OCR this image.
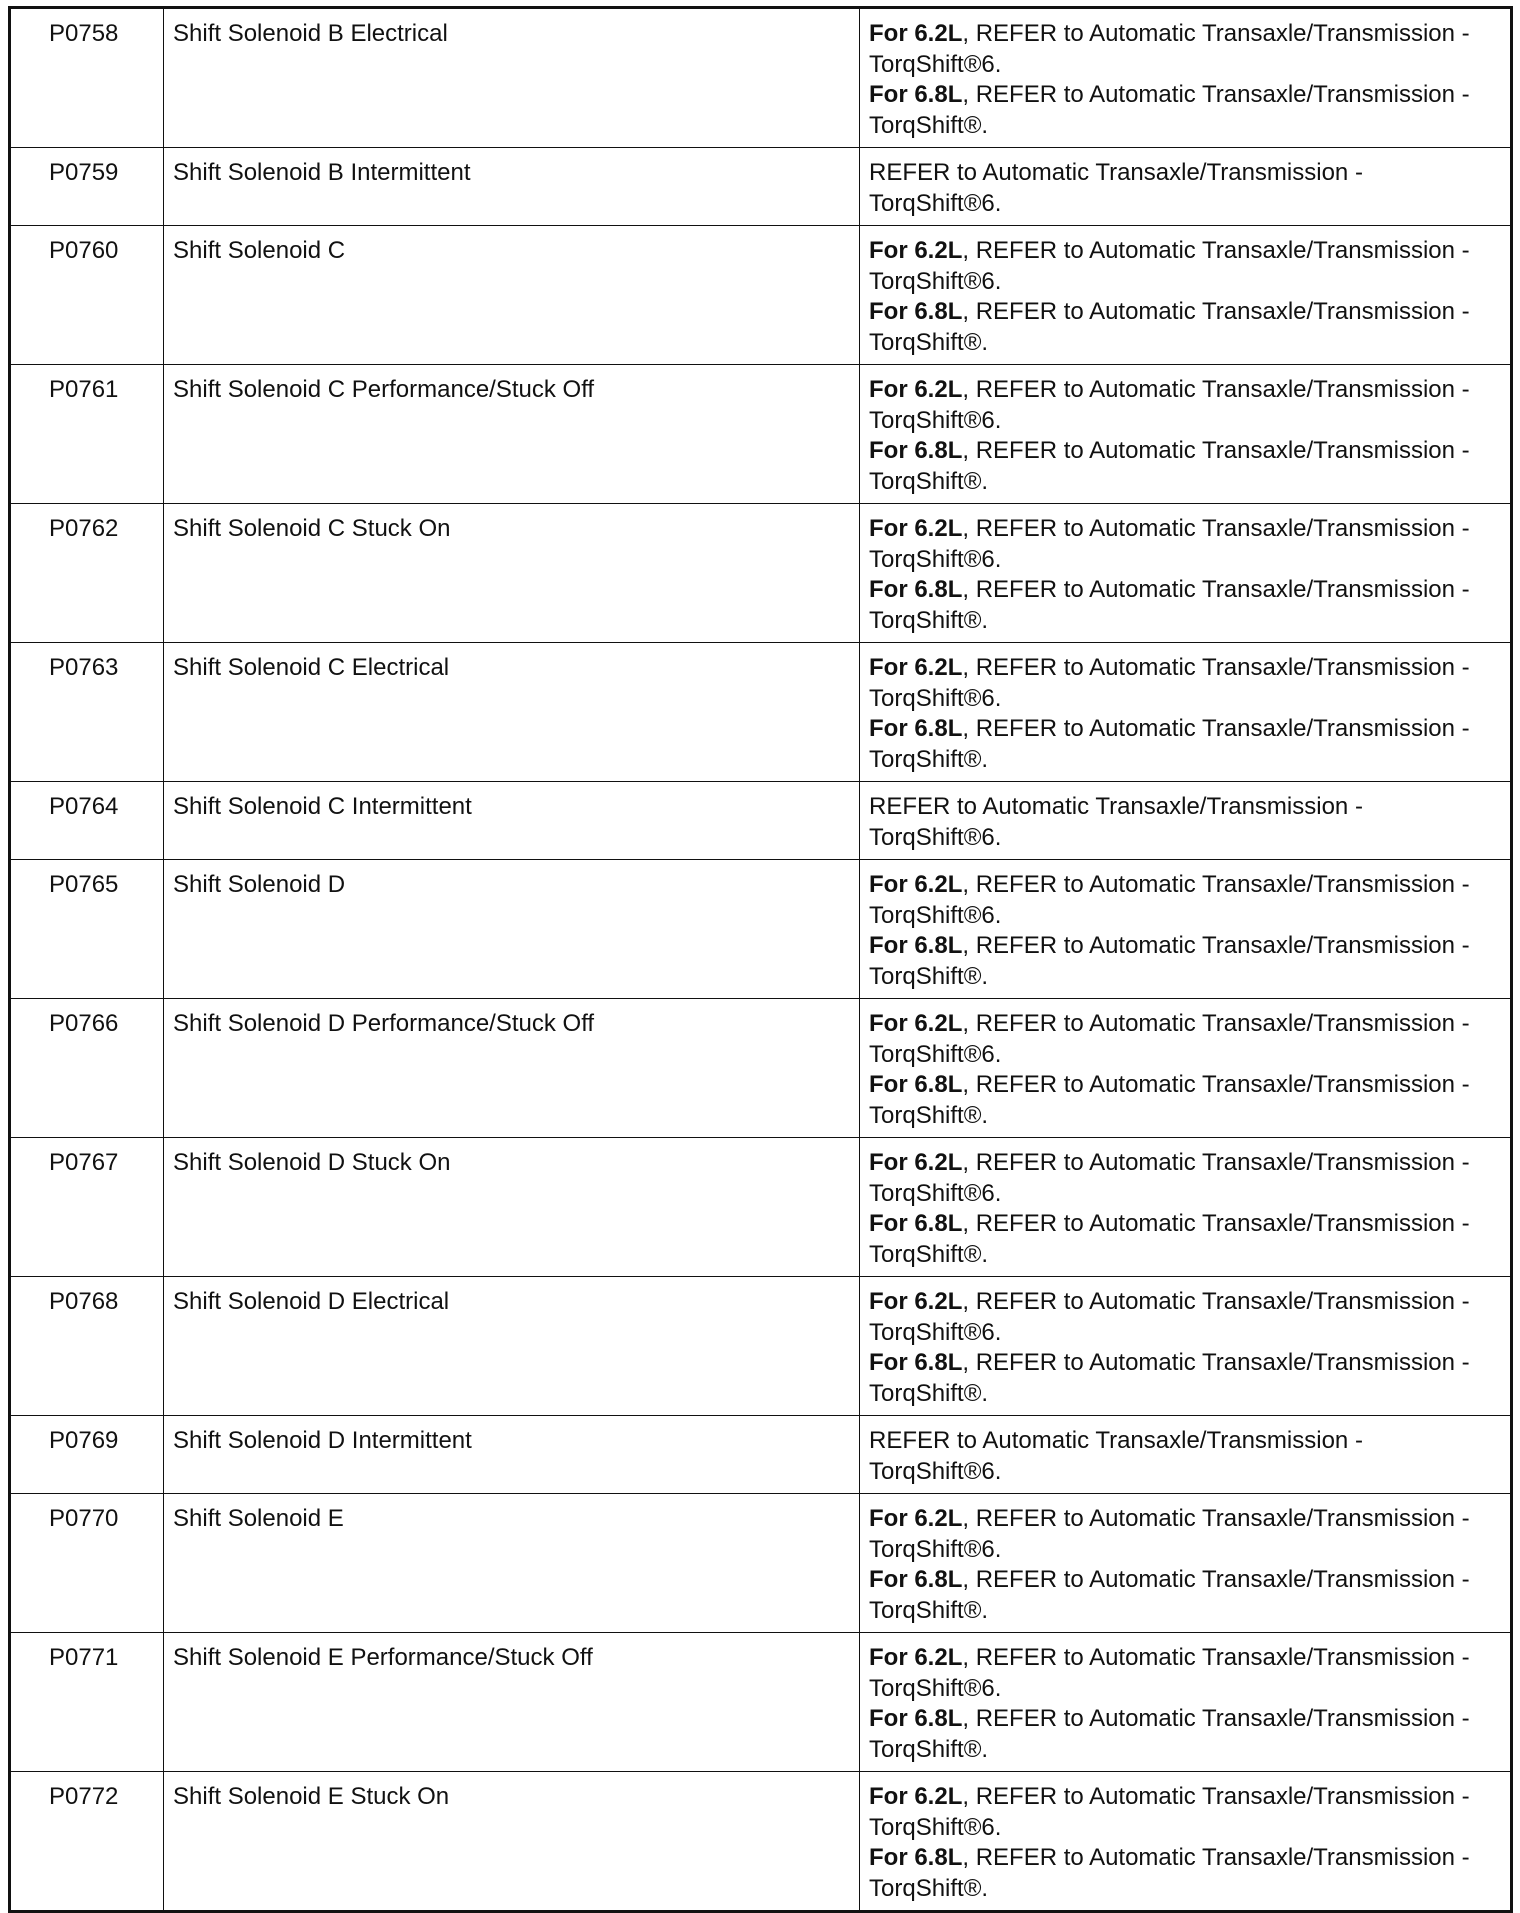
P0758	Shift Solenoid B Electrical	For 6.2L, REFER to Automatic Transaxle/Transmission -
TorqShift®6.
For 6.8L, REFER to Automatic Transaxle/Transmission -
TorqShift®.

P0759	Shift Solenoid B Intermittent	REFER to Automatic Transaxle/Transmission -
TorqShift®6.

P0760	Shift Solenoid C	For 6.2L, REFER to Automatic Transaxle/Transmission -
TorqShift®6.
For 6.8L, REFER to Automatic Transaxle/Transmission -
TorqShift®.

P0761	Shift Solenoid C Performance/Stuck Off	For 6.2L, REFER to Automatic Transaxle/Transmission -
TorqShift®6.
For 6.8L, REFER to Automatic Transaxle/Transmission -
TorqShift®.

P0762	Shift Solenoid C Stuck On	For 6.2L, REFER to Automatic Transaxle/Transmission -
TorqShift®6.
For 6.8L, REFER to Automatic Transaxle/Transmission -
TorqShift®.

P0763	Shift Solenoid C Electrical	For 6.2L, REFER to Automatic Transaxle/Transmission -
TorqShift®6.
For 6.8L, REFER to Automatic Transaxle/Transmission -
TorqShift®.

P0764	Shift Solenoid C Intermittent	REFER to Automatic Transaxle/Transmission -
TorqShift®6.

P0765	Shift Solenoid D	For 6.2L, REFER to Automatic Transaxle/Transmission -
TorqShift®6.
For 6.8L, REFER to Automatic Transaxle/Transmission -
TorqShift®.

P0766	Shift Solenoid D Performance/Stuck Off	For 6.2L, REFER to Automatic Transaxle/Transmission -
TorqShift®6.
For 6.8L, REFER to Automatic Transaxle/Transmission -
TorqShift®.

P0767	Shift Solenoid D Stuck On	For 6.2L, REFER to Automatic Transaxle/Transmission -
TorqShift®6.
For 6.8L, REFER to Automatic Transaxle/Transmission -
TorqShift®.

P0768	Shift Solenoid D Electrical	For 6.2L, REFER to Automatic Transaxle/Transmission -
TorqShift®6.
For 6.8L, REFER to Automatic Transaxle/Transmission -
TorqShift®.

P0769	Shift Solenoid D Intermittent	REFER to Automatic Transaxle/Transmission -
TorqShift®6.

P0770	Shift Solenoid E	For 6.2L, REFER to Automatic Transaxle/Transmission -
TorqShift®6.
For 6.8L, REFER to Automatic Transaxle/Transmission -
TorqShift®.

P0771	Shift Solenoid E Performance/Stuck Off	For 6.2L, REFER to Automatic Transaxle/Transmission -
TorqShift®6.
For 6.8L, REFER to Automatic Transaxle/Transmission -
TorqShift®.

P0772	Shift Solenoid E Stuck On	For 6.2L, REFER to Automatic Transaxle/Transmission -
TorqShift®6.
For 6.8L, REFER to Automatic Transaxle/Transmission -
TorqShift®.
